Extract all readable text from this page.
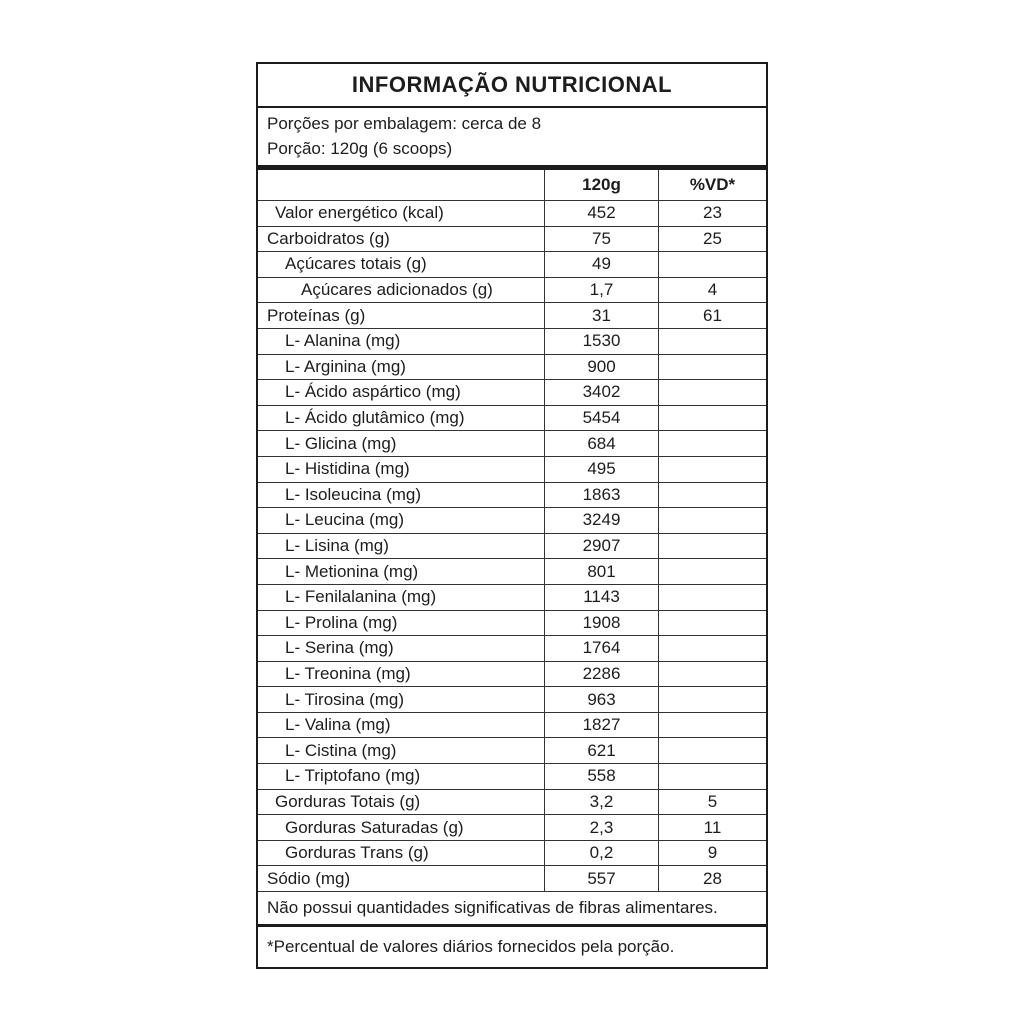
INFORMAÇÃO NUTRICIONAL
Porções por embalagem: cerca de 8
Porção: 120g (6 scoops)
120g	%VD*
Valor energético (kcal)	452	23
Carboidratos (g)	75	25
Açúcares totais (g)	49
Açúcares adicionados (g)	1,7	4
Proteínas (g)	31	61
L- Alanina (mg)	1530
L- Arginina (mg)	900
L- Ácido aspártico (mg)	3402
L- Ácido glutâmico (mg)	5454
L- Glicina (mg)	684
L- Histidina (mg)	495
L- Isoleucina (mg)	1863
L- Leucina (mg)	3249
L- Lisina (mg)	2907
L- Metionina (mg)	801
L- Fenilalanina (mg)	1143
L- Prolina (mg)	1908
L- Serina (mg)	1764
L- Treonina (mg)	2286
L- Tirosina (mg)	963
L- Valina (mg)	1827
L- Cistina (mg)	621
L- Triptofano (mg)	558
Gorduras Totais (g)	3,2	5
Gorduras Saturadas (g)	2,3	11
Gorduras Trans (g)	0,2	9
Sódio (mg)	557	28
Não possui quantidades significativas de fibras alimentares.
*Percentual de valores diários fornecidos pela porção.
